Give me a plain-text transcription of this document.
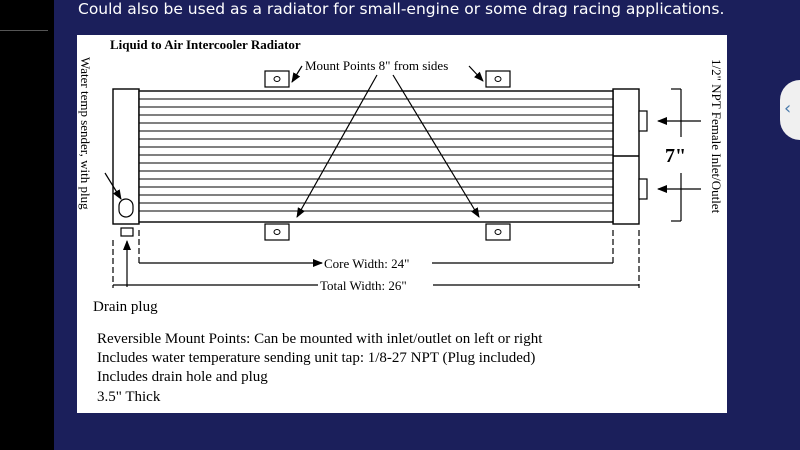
Could also be used as a radiator for small-engine or some drag racing applications.
Liquid to Air Intercooler Radiator
Mount Points 8" from sides
Water temp sender, with plug	1/2" NPT Female Inlet/Outlet
7"
Core Width: 24"
Total Width: 26"
Drain plug
Reversible Mount Points: Can be mounted with inlet/outlet on left or right
Includes water temperature sending unit tap: 1/8-27 NPT (Plug included)
Includes drain hole and plug
3.5" Thick
‹
